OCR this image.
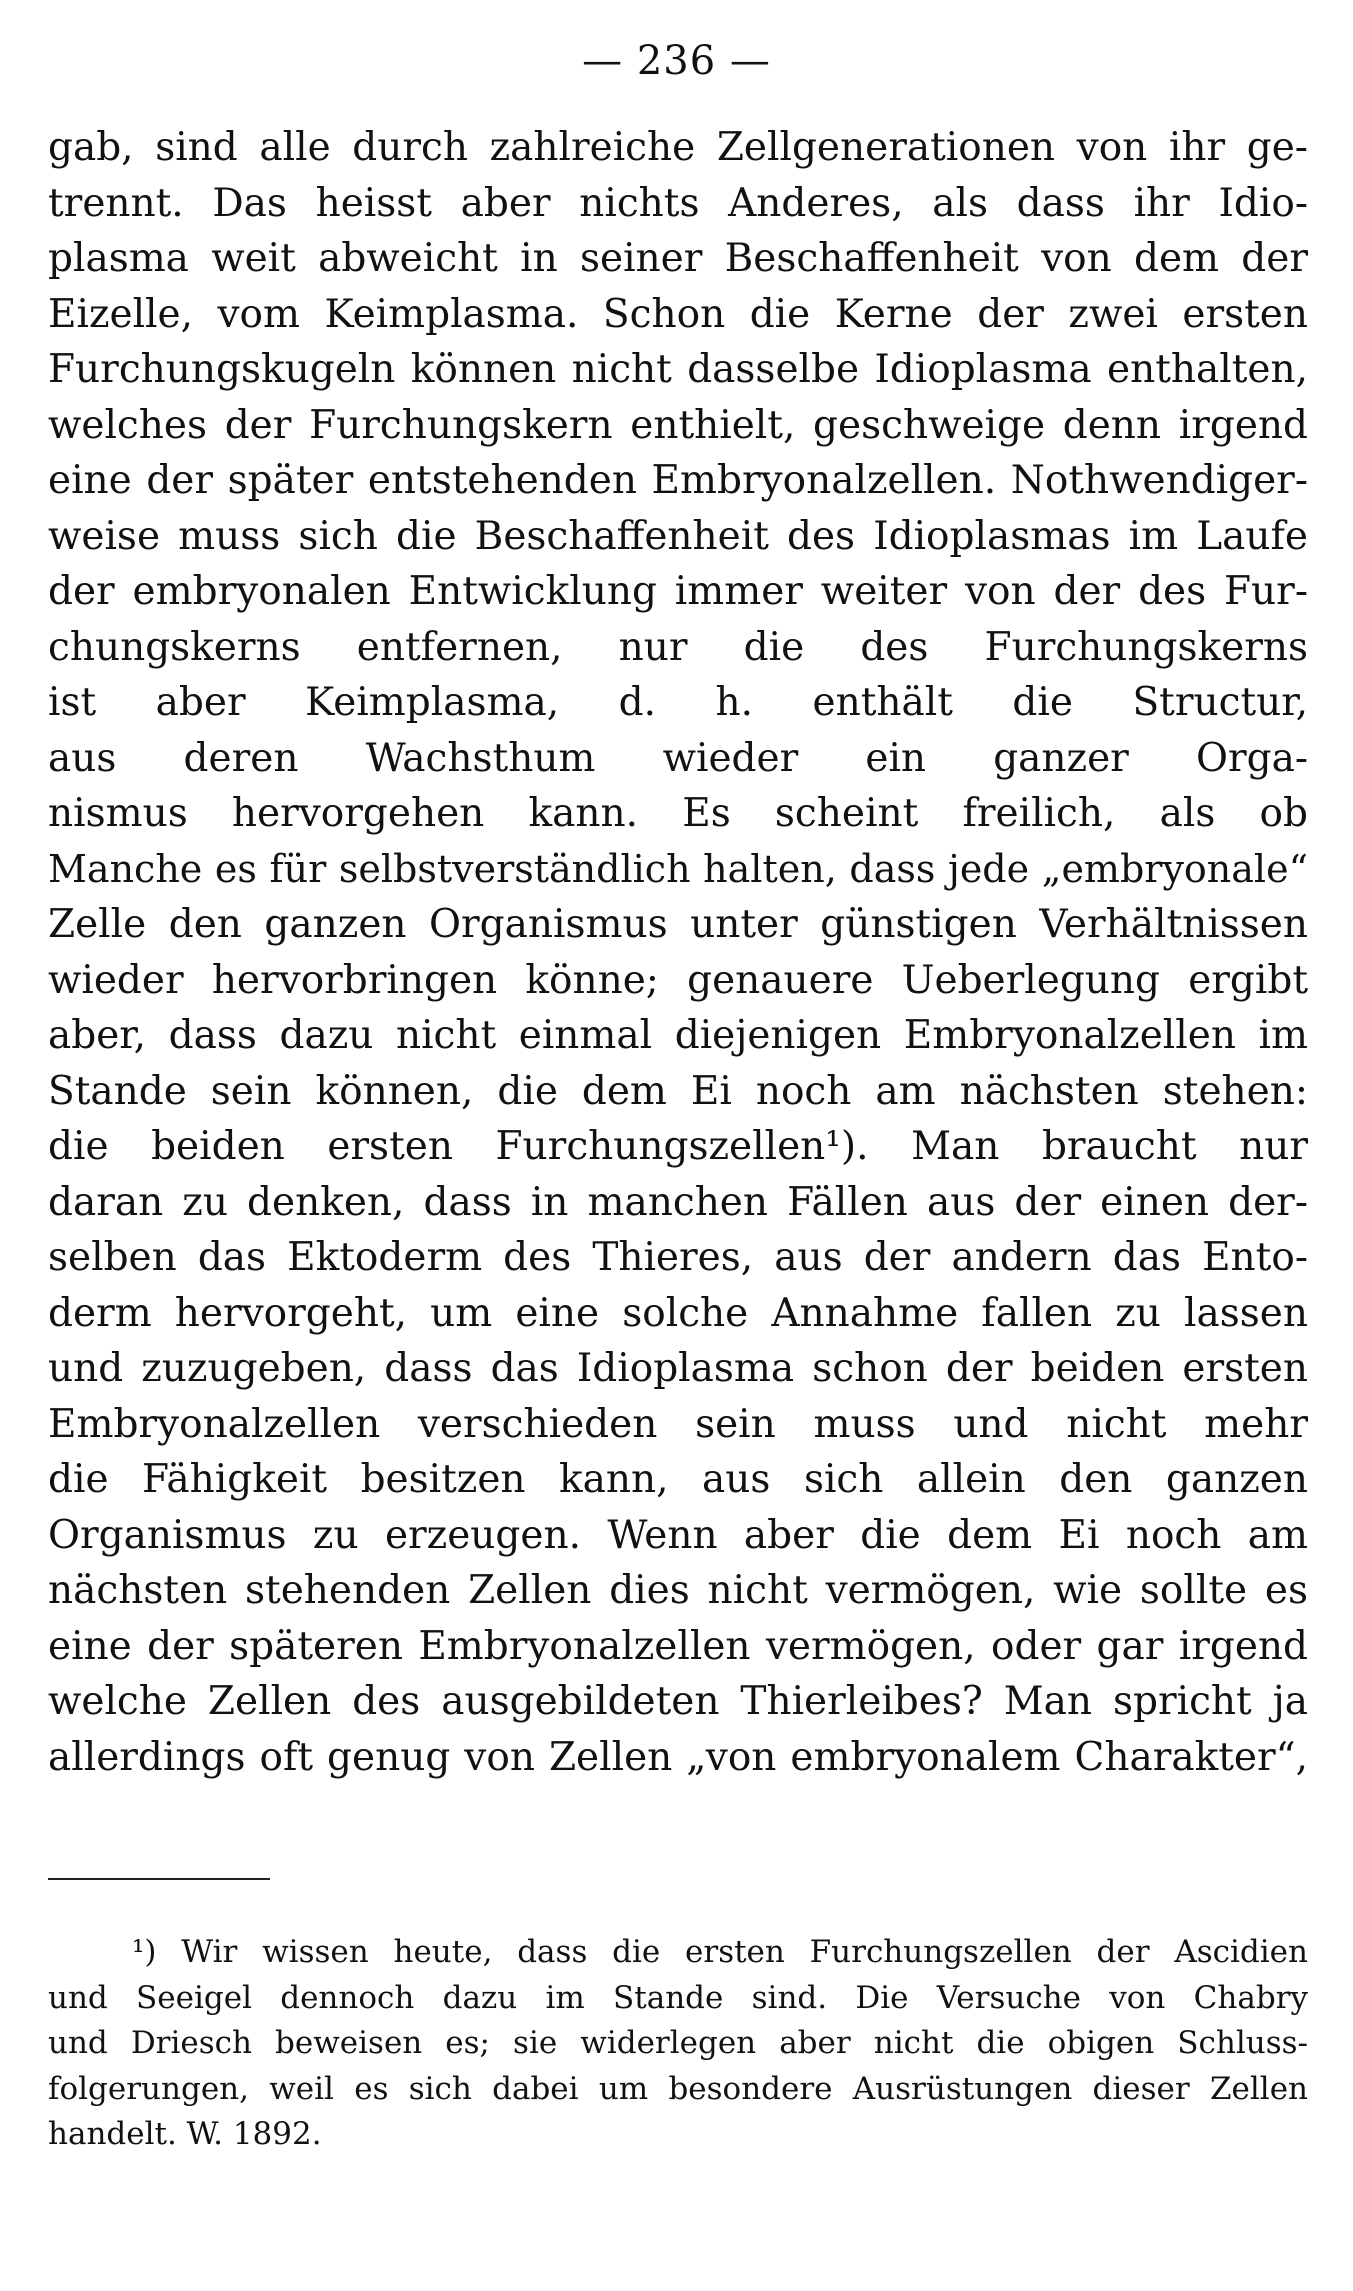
— 236 —
gab, sind alle durch zahlreiche Zellgenerationen von ihr ge-
trennt. Das heisst aber nichts Anderes, als dass ihr Idio-
plasma weit abweicht in seiner Beschaffenheit von dem der
Eizelle, vom Keimplasma. Schon die Kerne der zwei ersten
Furchungskugeln können nicht dasselbe Idioplasma enthalten,
welches der Furchungskern enthielt, geschweige denn irgend
eine der später entstehenden Embryonalzellen. Nothwendiger-
weise muss sich die Beschaffenheit des Idioplasmas im Laufe
der embryonalen Entwicklung immer weiter von der des Fur-
chungskerns entfernen, nur die des Furchungskerns
ist aber Keimplasma, d. h. enthält die Structur,
aus deren Wachsthum wieder ein ganzer Orga-
nismus hervorgehen kann. Es scheint freilich, als ob
Manche es für selbstverständlich halten, dass jede „embryonale“
Zelle den ganzen Organismus unter günstigen Verhältnissen
wieder hervorbringen könne; genauere Ueberlegung ergibt
aber, dass dazu nicht einmal diejenigen Embryonalzellen im
Stande sein können, die dem Ei noch am nächsten stehen:
die beiden ersten Furchungszellen¹). Man braucht nur
daran zu denken, dass in manchen Fällen aus der einen der-
selben das Ektoderm des Thieres, aus der andern das Ento-
derm hervorgeht, um eine solche Annahme fallen zu lassen
und zuzugeben, dass das Idioplasma schon der beiden ersten
Embryonalzellen verschieden sein muss und nicht mehr
die Fähigkeit besitzen kann, aus sich allein den ganzen
Organismus zu erzeugen. Wenn aber die dem Ei noch am
nächsten stehenden Zellen dies nicht vermögen, wie sollte es
eine der späteren Embryonalzellen vermögen, oder gar irgend
welche Zellen des ausgebildeten Thierleibes? Man spricht ja
allerdings oft genug von Zellen „von embryonalem Charakter“,
¹) Wir wissen heute, dass die ersten Furchungszellen der Ascidien
und Seeigel dennoch dazu im Stande sind. Die Versuche von Chabry
und Driesch beweisen es; sie widerlegen aber nicht die obigen Schluss-
folgerungen, weil es sich dabei um besondere Ausrüstungen dieser Zellen
handelt. W. 1892.
